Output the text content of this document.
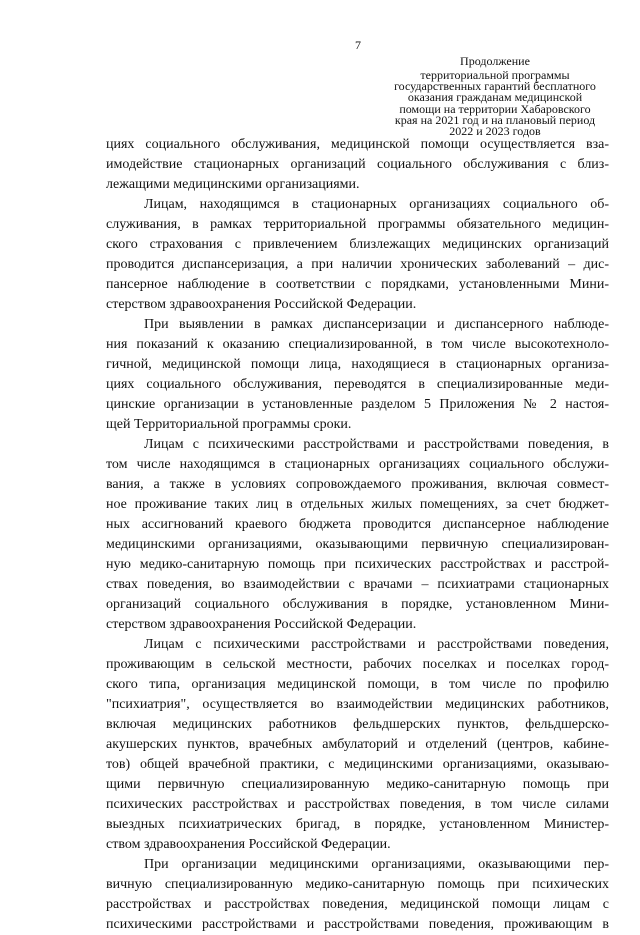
7
Продолжение
территориальной программы
государственных гарантий бесплатного
оказания гражданам медицинской
помощи на территории Хабаровского
края на 2021 год и на плановый период
2022 и 2023 годов
циях социального обслуживания, медицинской помощи осуществляется вза-
имодействие стационарных организаций социального обслуживания с близ-
лежащими медицинскими организациями.
Лицам, находящимся в стационарных организациях социального об-
служивания, в рамках территориальной программы обязательного медицин-
ского страхования с привлечением близлежащих медицинских организаций
проводится диспансеризация, а при наличии хронических заболеваний – дис-
пансерное наблюдение в соответствии с порядками, установленными Мини-
стерством здравоохранения Российской Федерации.
При выявлении в рамках диспансеризации и диспансерного наблюде-
ния показаний к оказанию специализированной, в том числе высокотехноло-
гичной, медицинской помощи лица, находящиеся в стационарных организа-
циях социального обслуживания, переводятся в специализированные меди-
цинские организации в установленные разделом 5 Приложения № 2 настоя-
щей Территориальной программы сроки.
Лицам с психическими расстройствами и расстройствами поведения, в
том числе находящимся в стационарных организациях социального обслужи-
вания, а также в условиях сопровождаемого проживания, включая совмест-
ное проживание таких лиц в отдельных жилых помещениях, за счет бюджет-
ных ассигнований краевого бюджета проводится диспансерное наблюдение
медицинскими организациями, оказывающими первичную специализирован-
ную медико-санитарную помощь при психических расстройствах и расстрой-
ствах поведения, во взаимодействии с врачами – психиатрами стационарных
организаций социального обслуживания в порядке, установленном Мини-
стерством здравоохранения Российской Федерации.
Лицам с психическими расстройствами и расстройствами поведения,
проживающим в сельской местности, рабочих поселках и поселках город-
ского типа, организация медицинской помощи, в том числе по профилю
"психиатрия", осуществляется во взаимодействии медицинских работников,
включая медицинских работников фельдшерских пунктов, фельдшерско-
акушерских пунктов, врачебных амбулаторий и отделений (центров, кабине-
тов) общей врачебной практики, с медицинскими организациями, оказываю-
щими первичную специализированную медико-санитарную помощь при
психических расстройствах и расстройствах поведения, в том числе силами
выездных психиатрических бригад, в порядке, установленном Министер-
ством здравоохранения Российской Федерации.
При организации медицинскими организациями, оказывающими пер-
вичную специализированную медико-санитарную помощь при психических
расстройствах и расстройствах поведения, медицинской помощи лицам с
психическими расстройствами и расстройствами поведения, проживающим в
